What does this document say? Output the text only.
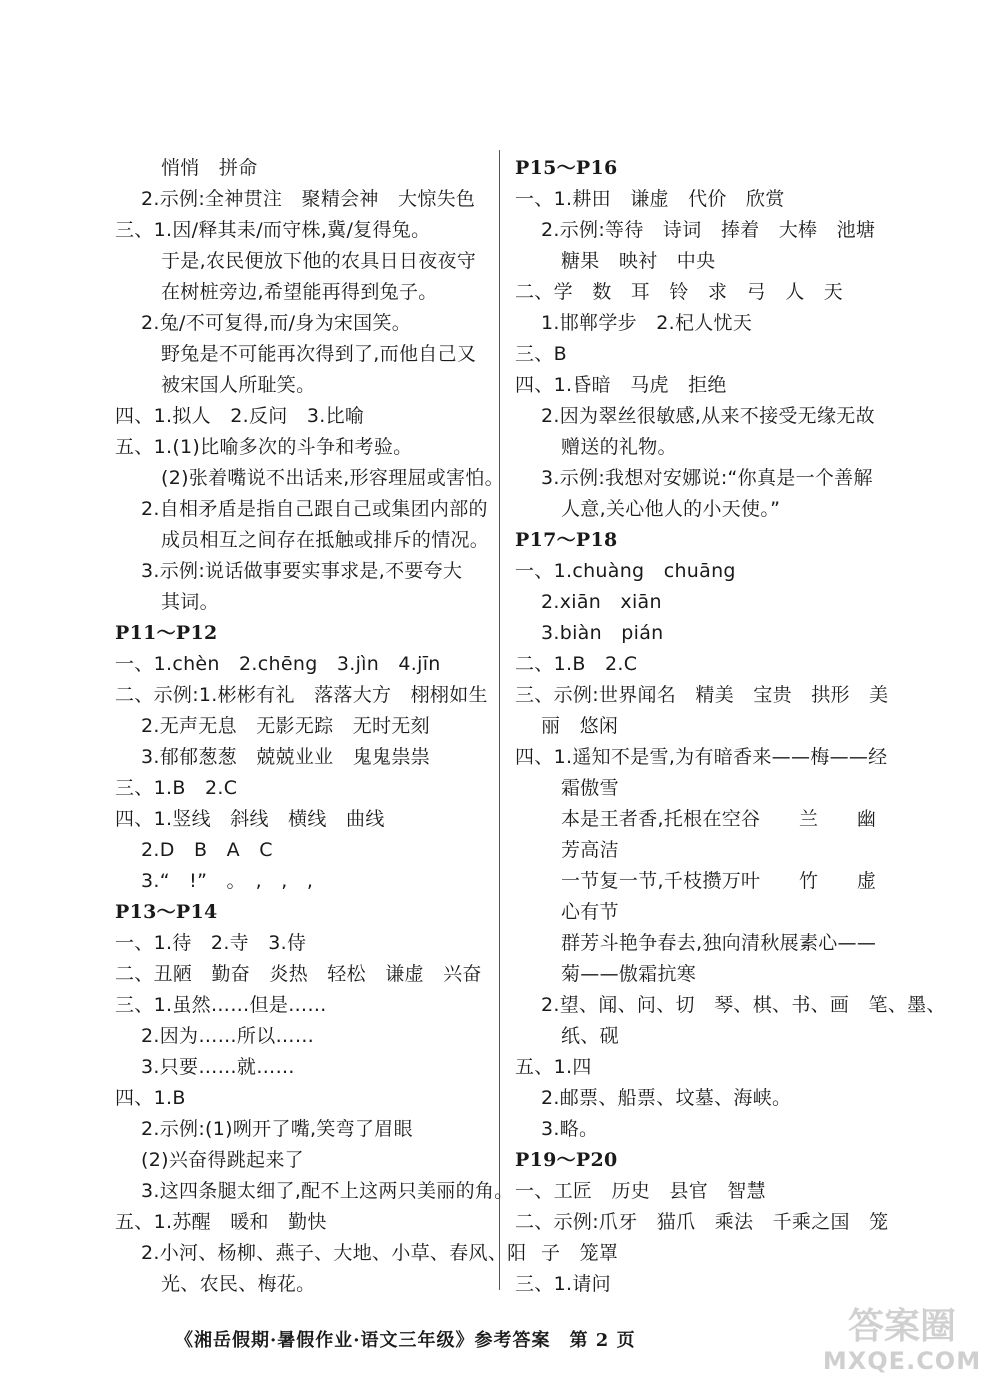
悄悄　拼命
2.示例:全神贯注　聚精会神　大惊失色
三、1.因/释其耒/而守株,冀/复得兔。
于是,农民便放下他的农具日日夜夜守
在树桩旁边,希望能再得到兔子。
2.兔/不可复得,而/身为宋国笑。
野兔是不可能再次得到了,而他自己又
被宋国人所耻笑。
四、1.拟人　2.反问　3.比喻
五、1.(1)比喻多次的斗争和考验。
(2)张着嘴说不出话来,形容理屈或害怕。
2.自相矛盾是指自己跟自己或集团内部的
成员相互之间存在抵触或排斥的情况。
3.示例:说话做事要实事求是,不要夸大
其词。
P11～P12
一、1.chèn　2.chēng　3.jìn　4.jīn
二、示例:1.彬彬有礼　落落大方　栩栩如生
2.无声无息　无影无踪　无时无刻
3.郁郁葱葱　兢兢业业　鬼鬼祟祟
三、1.B　2.C
四、1.竖线　斜线　横线　曲线
2.D　B　A　C
3.“　!”　。　,　,　,
P13～P14
一、1.待　2.寺　3.侍
二、丑陋　勤奋　炎热　轻松　谦虚　兴奋
三、1.虽然……但是……
2.因为……所以……
3.只要……就……
四、1.B
2.示例:(1)咧开了嘴,笑弯了眉眼
(2)兴奋得跳起来了
3.这四条腿太细了,配不上这两只美丽的角。
五、1.苏醒　暖和　勤快
2.小河、杨柳、燕子、大地、小草、春风、阳
光、农民、梅花。
P15～P16
一、1.耕田　谦虚　代价　欣赏
2.示例:等待　诗词　捧着　大棒　池塘
糖果　映衬　中央
二、学　数　耳　铃　求　弓　人　天
1.邯郸学步　2.杞人忧天
三、B
四、1.昏暗　马虎　拒绝
2.因为翠丝很敏感,从来不接受无缘无故
赠送的礼物。
3.示例:我想对安娜说:“你真是一个善解
人意,关心他人的小天使。”
P17～P18
一、1.chuàng　chuāng
2.xiān　xiān
3.biàn　pián
二、1.B　2.C
三、示例:世界闻名　精美　宝贵　拱形　美
丽　悠闲
四、1.遥知不是雪,为有暗香来——梅——经
霜傲雪
本是王者香,托根在空谷　　兰　　幽
芳高洁
一节复一节,千枝攒万叶　　竹　　虚
心有节
群芳斗艳争春去,独向清秋展素心——
菊——傲霜抗寒
2.望、闻、问、切　琴、棋、书、画　笔、墨、
纸、砚
五、1.四
2.邮票、船票、坟墓、海峡。
3.略。
P19～P20
一、工匠　历史　县官　智慧
二、示例:爪牙　猫爪　乘法　千乘之国　笼
子　笼罩
三、1.请问
《湘岳假期·暑假作业·语文三年级》参考答案　第 2 页	答案圈
MXQE.COM
